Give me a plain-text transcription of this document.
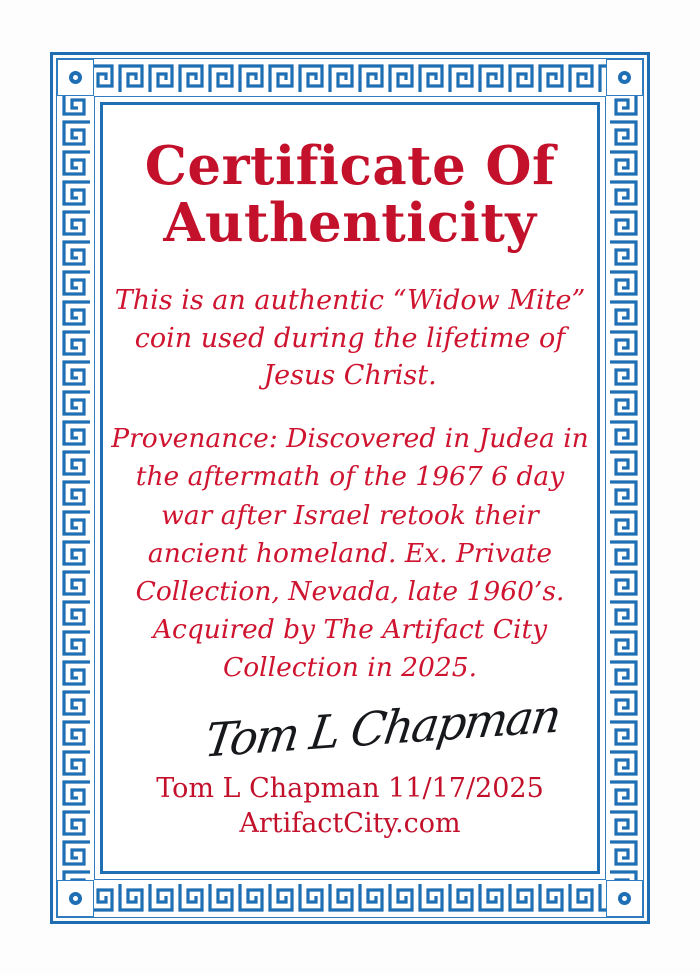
Certificate Of
Authenticity
This is an authentic “Widow Mite” coin used during the lifetime of Jesus Christ.
Provenance: Discovered in Judea in the aftermath of the 1967 6 day war after Israel retook their ancient homeland. Ex. Private Collection, Nevada, late 1960’s. Acquired by The Artifact City Collection in 2025.
Tom L Chapman
Tom L Chapman 11/17/2025
ArtifactCity.com
